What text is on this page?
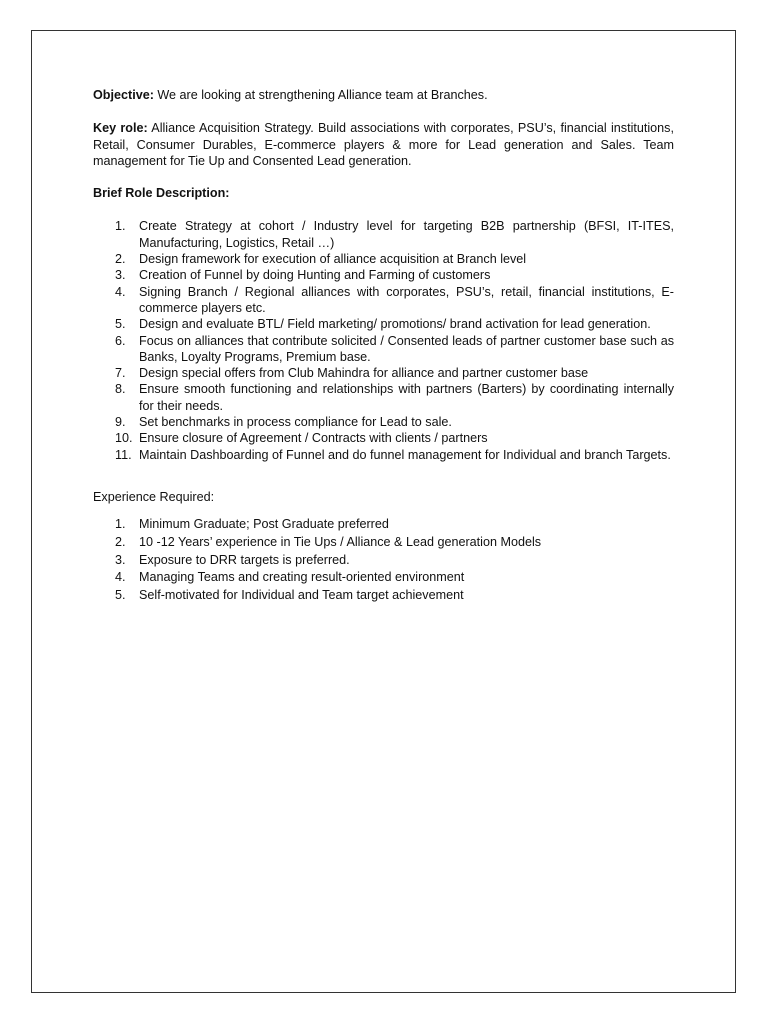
Objective: We are looking at strengthening Alliance team at Branches.

Key role: Alliance Acquisition Strategy. Build associations with corporates, PSU’s, financial institutions, Retail, Consumer Durables, E-commerce players & more for Lead generation and Sales. Team management for Tie Up and Consented Lead generation.

Brief Role Description:

1. Create Strategy at cohort / Industry level for targeting B2B partnership (BFSI, IT-ITES, Manufacturing, Logistics, Retail …)
2. Design framework for execution of alliance acquisition at Branch level
3. Creation of Funnel by doing Hunting and Farming of customers
4. Signing Branch / Regional alliances with corporates, PSU’s, retail, financial institutions, E-commerce players etc.
5. Design and evaluate BTL/ Field marketing/ promotions/ brand activation for lead generation.
6. Focus on alliances that contribute solicited / Consented leads of partner customer base such as Banks, Loyalty Programs, Premium base.
7. Design special offers from Club Mahindra for alliance and partner customer base
8. Ensure smooth functioning and relationships with partners (Barters) by coordinating internally for their needs.
9. Set benchmarks in process compliance for Lead to sale.
10. Ensure closure of Agreement / Contracts with clients / partners
11. Maintain Dashboarding of Funnel and do funnel management for Individual and branch Targets.

Experience Required:

1. Minimum Graduate; Post Graduate preferred
2. 10 -12 Years’ experience in Tie Ups / Alliance & Lead generation Models
3. Exposure to DRR targets is preferred.
4. Managing Teams and creating result-oriented environment
5. Self-motivated for Individual and Team target achievement
